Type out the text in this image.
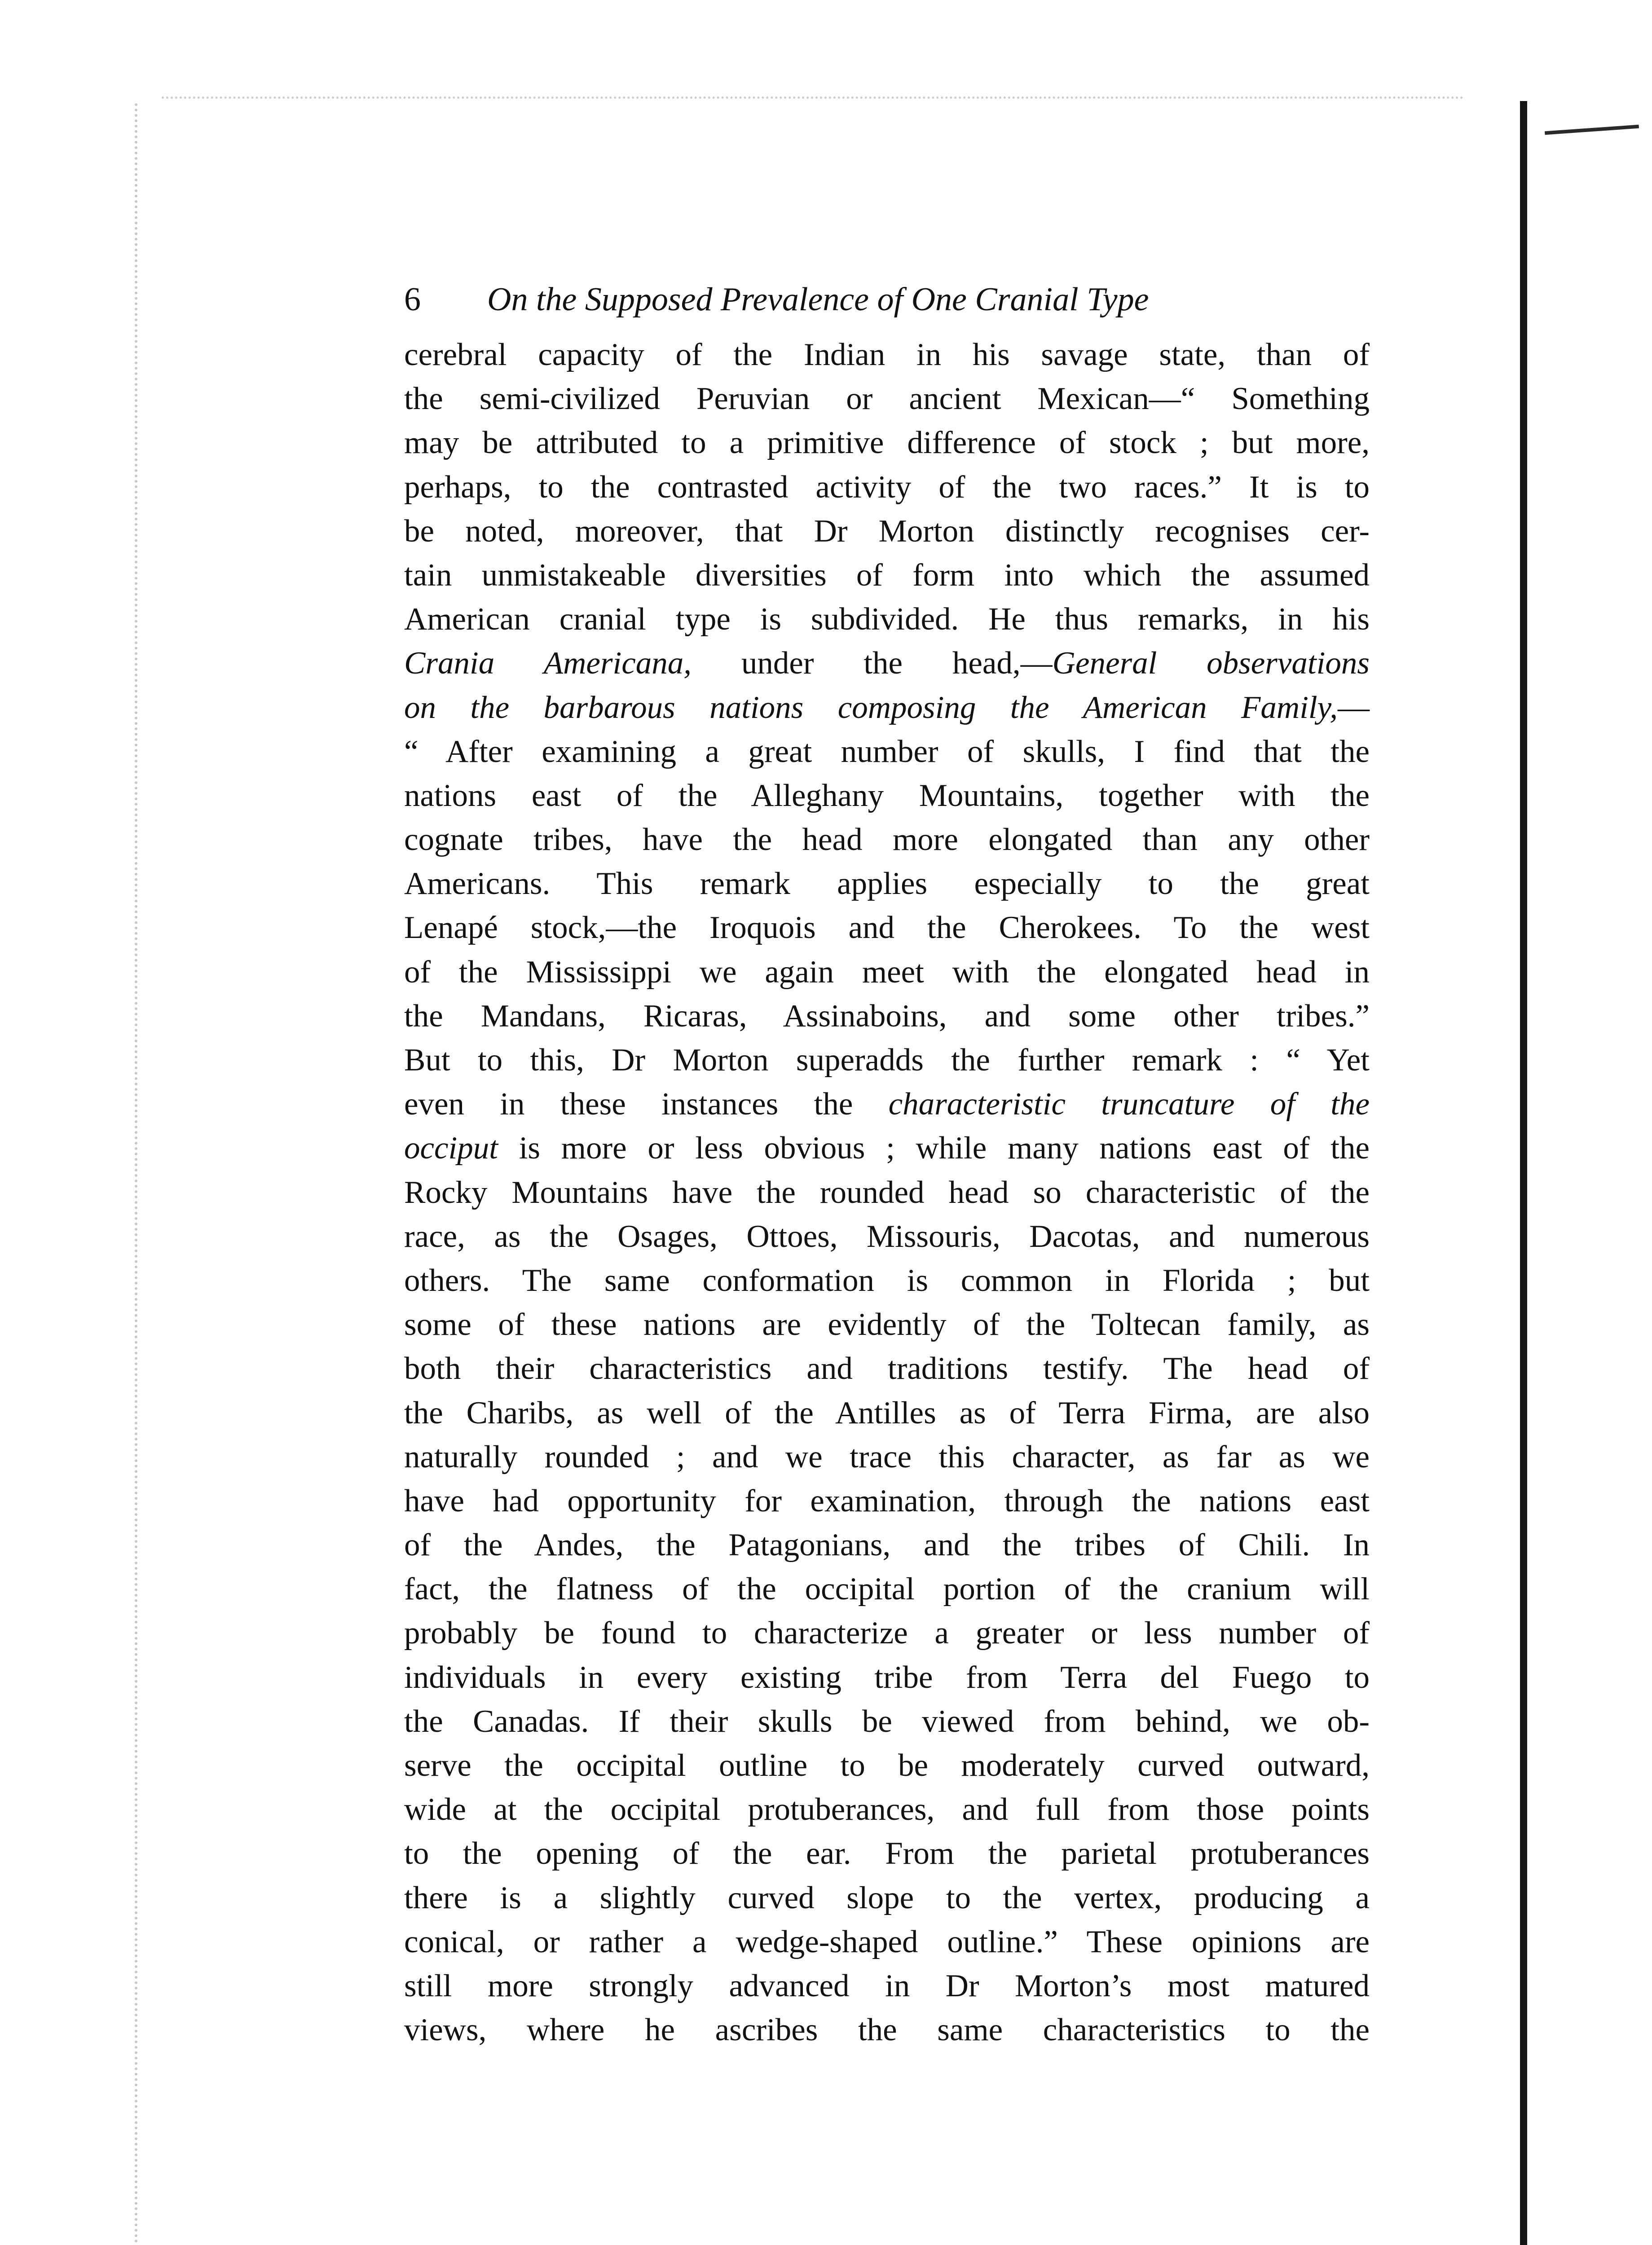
6	On the Supposed Prevalence of One Cranial Type
cerebral capacity of the Indian in his savage state, than of
the semi-civilized Peruvian or ancient Mexican—“ Something
may be attributed to a primitive difference of stock ; but more,
perhaps, to the contrasted activity of the two races.” It is to
be noted, moreover, that Dr Morton distinctly recognises cer-
tain unmistakeable diversities of form into which the assumed
American cranial type is subdivided. He thus remarks, in his
Crania Americana, under the head,—General observations
on the barbarous nations composing the American Family,—
“ After examining a great number of skulls, I find that the
nations east of the Alleghany Mountains, together with the
cognate tribes, have the head more elongated than any other
Americans. This remark applies especially to the great
Lenapé stock,—the Iroquois and the Cherokees. To the west
of the Mississippi we again meet with the elongated head in
the Mandans, Ricaras, Assinaboins, and some other tribes.”
But to this, Dr Morton superadds the further remark : “ Yet
even in these instances the characteristic truncature of the
occiput is more or less obvious ; while many nations east of the
Rocky Mountains have the rounded head so characteristic of the
race, as the Osages, Ottoes, Missouris, Dacotas, and numerous
others. The same conformation is common in Florida ; but
some of these nations are evidently of the Toltecan family, as
both their characteristics and traditions testify. The head of
the Charibs, as well of the Antilles as of Terra Firma, are also
naturally rounded ; and we trace this character, as far as we
have had opportunity for examination, through the nations east
of the Andes, the Patagonians, and the tribes of Chili. In
fact, the flatness of the occipital portion of the cranium will
probably be found to characterize a greater or less number of
individuals in every existing tribe from Terra del Fuego to
the Canadas. If their skulls be viewed from behind, we ob-
serve the occipital outline to be moderately curved outward,
wide at the occipital protuberances, and full from those points
to the opening of the ear. From the parietal protuberances
there is a slightly curved slope to the vertex, producing a
conical, or rather a wedge-shaped outline.” These opinions are
still more strongly advanced in Dr Morton’s most matured
views, where he ascribes the same characteristics to the
